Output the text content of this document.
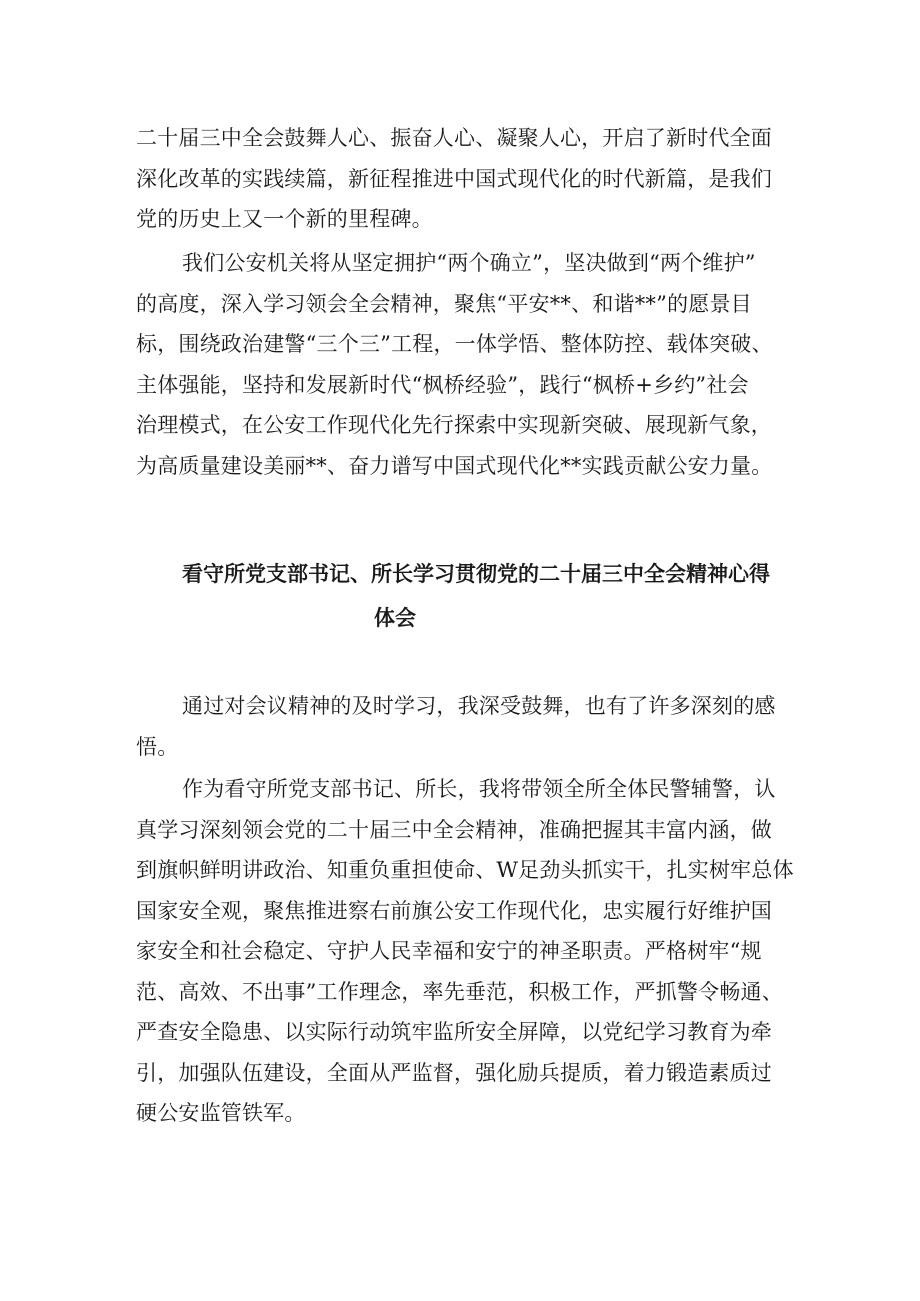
二十届三中全会鼓舞人心、振奋人心、凝聚人心，开启了新时代全面
深化改革的实践续篇，新征程推进中国式现代化的时代新篇，是我们
党的历史上又一个新的里程碑。

我们公安机关将从坚定拥护“两个确立”，坚决做到“两个维护”
的高度，深入学习领会全会精神，聚焦“平安**、和谐**”的愿景目
标，围绕政治建警“三个三”工程，一体学悟、整体防控、载体突破、
主体强能，坚持和发展新时代“枫桥经验”，践行“枫桥+乡约”社会
治理模式，在公安工作现代化先行探索中实现新突破、展现新气象，
为高质量建设美丽**、奋力谱写中国式现代化**实践贡献公安力量。

看守所党支部书记、所长学习贯彻党的二十届三中全会精神心得
体会

通过对会议精神的及时学习，我深受鼓舞，也有了许多深刻的感
悟。

作为看守所党支部书记、所长，我将带领全所全体民警辅警，认
真学习深刻领会党的二十届三中全会精神，准确把握其丰富内涵，做
到旗帜鲜明讲政治、知重负重担使命、W足劲头抓实干，扎实树牢总体
国家安全观，聚焦推进察右前旗公安工作现代化，忠实履行好维护国
家安全和社会稳定、守护人民幸福和安宁的神圣职责。严格树牢“规
范、高效、不出事”工作理念，率先垂范，积极工作，严抓警令畅通、
严查安全隐患、以实际行动筑牢监所安全屏障，以党纪学习教育为牵
引，加强队伍建设，全面从严监督，强化励兵提质，着力锻造素质过
硬公安监管铁军。
